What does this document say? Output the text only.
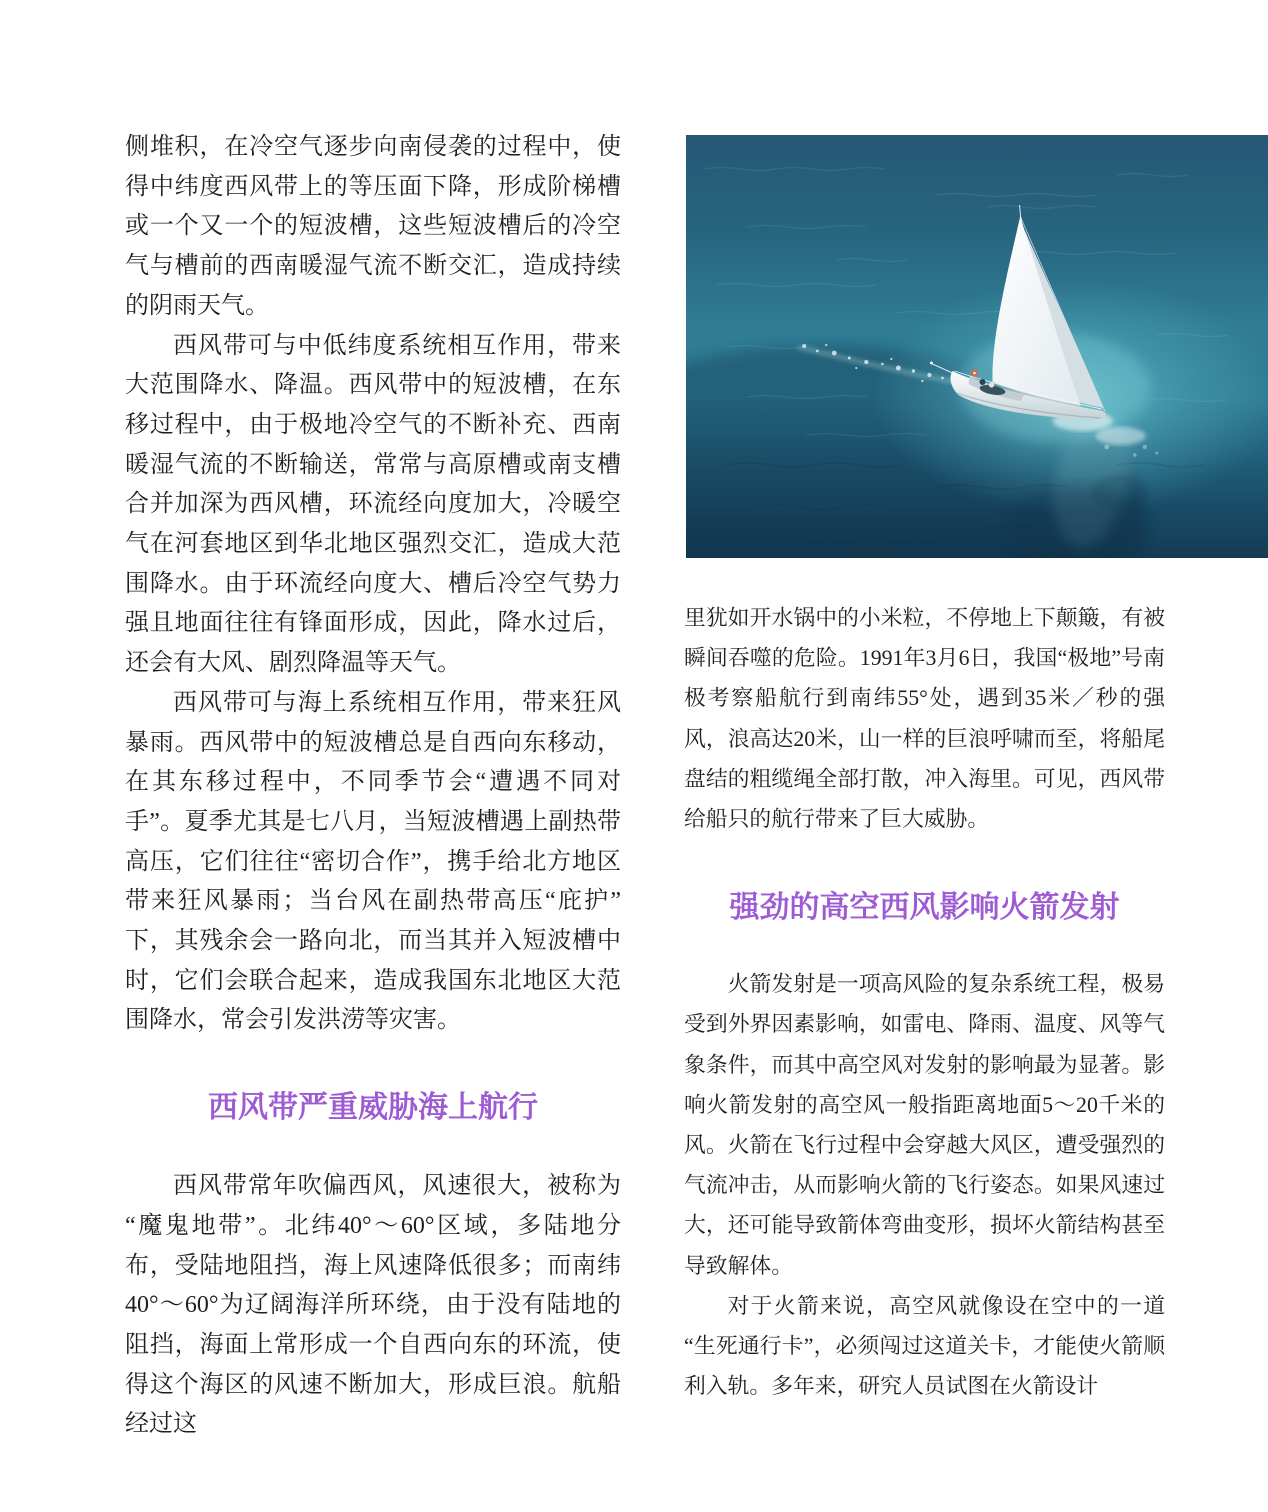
侧堆积，在冷空气逐步向南侵袭的过程中，使得中纬度西风带上的等压面下降，形成阶梯槽或一个又一个的短波槽，这些短波槽后的冷空气与槽前的西南暖湿气流不断交汇，造成持续的阴雨天气。

西风带可与中低纬度系统相互作用，带来大范围降水、降温。西风带中的短波槽，在东移过程中，由于极地冷空气的不断补充、西南暖湿气流的不断输送，常常与高原槽或南支槽合并加深为西风槽，环流经向度加大，冷暖空气在河套地区到华北地区强烈交汇，造成大范围降水。由于环流经向度大、槽后冷空气势力强且地面往往有锋面形成，因此，降水过后，还会有大风、剧烈降温等天气。

西风带可与海上系统相互作用，带来狂风暴雨。西风带中的短波槽总是自西向东移动，在其东移过程中，不同季节会“遭遇不同对手”。夏季尤其是七八月，当短波槽遇上副热带高压，它们往往“密切合作”，携手给北方地区带来狂风暴雨；当台风在副热带高压“庇护”下，其残余会一路向北，而当其并入短波槽中时，它们会联合起来，造成我国东北地区大范围降水，常会引发洪涝等灾害。

西风带严重威胁海上航行

西风带常年吹偏西风，风速很大，被称为“魔鬼地带”。北纬40°～60°区域，多陆地分布，受陆地阻挡，海上风速降低很多；而南纬40°～60°为辽阔海洋所环绕，由于没有陆地的阻挡，海面上常形成一个自西向东的环流，使得这个海区的风速不断加大，形成巨浪。航船经过这

里犹如开水锅中的小米粒，不停地上下颠簸，有被瞬间吞噬的危险。1991年3月6日，我国“极地”号南极考察船航行到南纬55°处，遇到35米／秒的强风，浪高达20米，山一样的巨浪呼啸而至，将船尾盘结的粗缆绳全部打散，冲入海里。可见，西风带给船只的航行带来了巨大威胁。

强劲的高空西风影响火箭发射

火箭发射是一项高风险的复杂系统工程，极易受到外界因素影响，如雷电、降雨、温度、风等气象条件，而其中高空风对发射的影响最为显著。影响火箭发射的高空风一般指距离地面5～20千米的风。火箭在飞行过程中会穿越大风区，遭受强烈的气流冲击，从而影响火箭的飞行姿态。如果风速过大，还可能导致箭体弯曲变形，损坏火箭结构甚至导致解体。

对于火箭来说，高空风就像设在空中的一道“生死通行卡”，必须闯过这道关卡，才能使火箭顺利入轨。多年来，研究人员试图在火箭设计
